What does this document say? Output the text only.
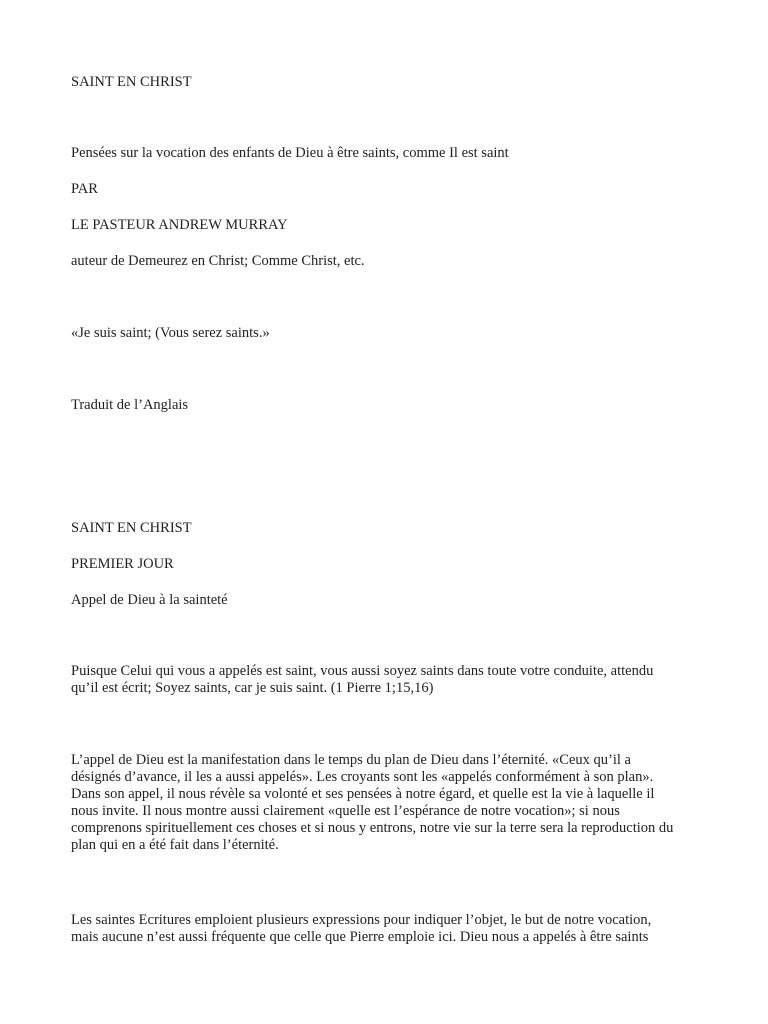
SAINT EN CHRIST

Pensées sur la vocation des enfants de Dieu à être saints, comme Il est saint

PAR

LE PASTEUR ANDREW MURRAY

auteur de Demeurez en Christ; Comme Christ, etc.

«Je suis saint; (Vous serez saints.»

Traduit de l’Anglais

SAINT EN CHRIST

PREMIER JOUR

Appel de Dieu à la sainteté

Puisque Celui qui vous a appelés est saint, vous aussi soyez saints dans toute votre conduite, attendu

qu’il est écrit; Soyez saints, car je suis saint. (1 Pierre 1;15,16)

L’appel de Dieu est la manifestation dans le temps du plan de Dieu dans l’éternité. «Ceux qu’il a

désignés d’avance, il les a aussi appelés». Les croyants sont les «appelés conformément à son plan».

Dans son appel, il nous révèle sa volonté et ses pensées à notre égard, et quelle est la vie à laquelle il

nous invite. Il nous montre aussi clairement «quelle est l’espérance de notre vocation»; si nous

comprenons spirituellement ces choses et si nous y entrons, notre vie sur la terre sera la reproduction du

plan qui en a été fait dans l’éternité.

Les saintes Ecritures emploient plusieurs expressions pour indiquer l’objet, le but de notre vocation,

mais aucune n’est aussi fréquente que celle que Pierre emploie ici. Dieu nous a appelés à être saints
